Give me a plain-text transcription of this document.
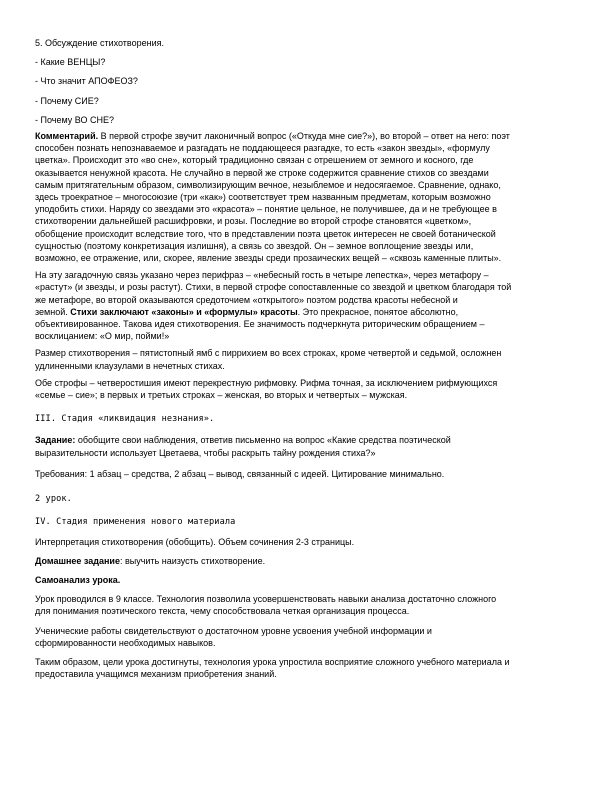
5. Обсуждение стихотворения.

- Какие ВЕНЦЫ?

- Что значит АПОФЕОЗ?

- Почему СИЕ?

- Почему ВО СНЕ?

Комментарий. В первой строфе звучит лаконичный вопрос («Откуда мне сие?»), во второй – ответ на него: поэт

способен познать непознаваемое и разгадать не поддающееся разгадке, то есть «закон звезды», «формулу

цветка». Происходит это «во сне», который традиционно связан с отрешением от земного и косного, где

оказывается ненужной красота. Не случайно в первой же строке содержится сравнение стихов со звездами

самым притягательным образом, символизирующим вечное, незыблемое и недосягаемое. Сравнение, однако,

здесь троекратное – многосоюзие (три «как») соответствует трем названным предметам, которым возможно

уподобить стихи. Наряду со звездами это «красота» – понятие цельное, не получившее, да и не требующее в

стихотворении дальнейшей расшифровки, и розы. Последние во второй строфе становятся «цветком»,

обобщение происходит вследствие того, что в представлении поэта цветок интересен не своей ботанической

сущностью (поэтому конкретизация излишня), а связь со звездой. Он – земное воплощение звезды или,

возможно, ее отражение, или, скорее, явление звезды среди прозаических вещей – «сквозь каменные плиты».

На эту загадочную связь указано через перифраз – «небесный гость в четыре лепестка», через метафору –

«растут» (и звезды, и розы растут). Стихи, в первой строфе сопоставленные со звездой и цветком благодаря той

же метафоре, во второй оказываются средоточием «открытого» поэтом родства красоты небесной и

земной. Стихи заключают «законы» и «формулы» красоты. Это прекрасное, понятое абсолютно,

объективированное. Такова идея стихотворения. Ее значимость подчеркнута риторическим обращением –

восклицанием: «О мир, пойми!»

Размер стихотворения – пятистопный ямб с пиррихием во всех строках, кроме четвертой и седьмой, осложнен

удлиненными клаузулами в нечетных стихах.

Обе строфы – четверостишия имеют перекрестную рифмовку. Рифма точная, за исключением рифмующихся

«семье – сие»; в первых и третьих строках – женская, во вторых и четвертых – мужская.

III. Стадия «ликвидация незнания».

Задание: обобщите свои наблюдения, ответив письменно на вопрос «Какие средства поэтической

выразительности использует Цветаева, чтобы раскрыть тайну рождения стиха?»

Требования: 1 абзац – средства, 2 абзац – вывод, связанный с идеей. Цитирование минимально.

2 урок.

IV. Стадия применения нового материала

Интерпретация стихотворения (обобщить). Объем сочинения 2-3 страницы.

Домашнее задание: выучить наизусть стихотворение.

Самоанализ урока.

Урок проводился в 9 классе. Технология позволила усовершенствовать навыки анализа достаточно сложного

для понимания поэтического текста, чему способствовала четкая организация процесса.

Ученические работы свидетельствуют о достаточном уровне усвоения учебной информации и

сформированности необходимых навыков.

Таким образом, цели урока достигнуты, технология урока упростила восприятие сложного учебного материала и

предоставила учащимся механизм приобретения знаний.
